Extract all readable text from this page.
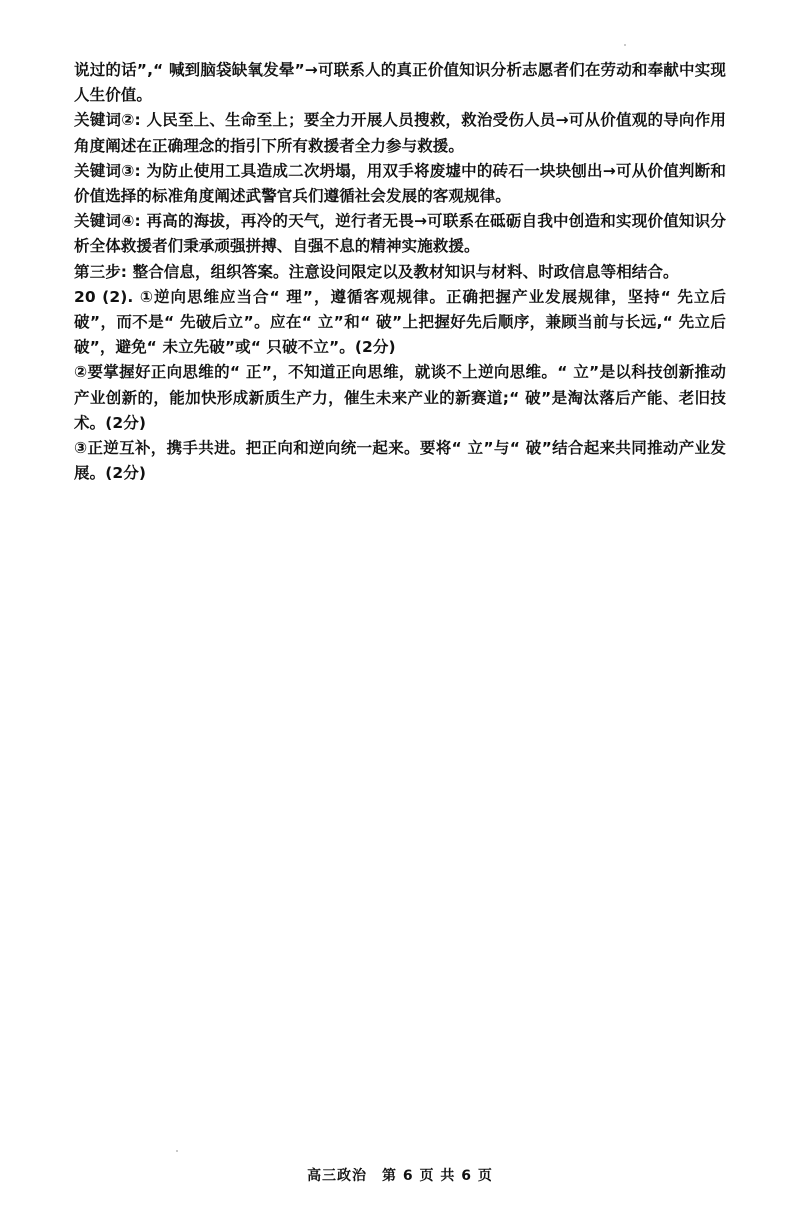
说过的话”,“ 喊到脑袋缺氧发晕”→可联系人的真正价值知识分析志愿者们在劳动和奉献中实现人生价值。

关键词②: 人民至上、生命至上；要全力开展人员搜救，救治受伤人员→可从价值观的导向作用角度阐述在正确理念的指引下所有救援者全力参与救援。

关键词③: 为防止使用工具造成二次坍塌，用双手将废墟中的砖石一块块刨出→可从价值判断和价值选择的标准角度阐述武警官兵们遵循社会发展的客观规律。

关键词④: 再高的海拔，再冷的天气，逆行者无畏→可联系在砥砺自我中创造和实现价值知识分析全体救援者们秉承顽强拼搏、自强不息的精神实施救援。

第三步: 整合信息，组织答案。注意设问限定以及教材知识与材料、时政信息等相结合。

20 (2). ①逆向思维应当合“ 理”，遵循客观规律。正确把握产业发展规律，坚持“ 先立后破”，而不是“ 先破后立”。应在“ 立”和“ 破”上把握好先后顺序，兼顾当前与长远,“ 先立后破”，避免“ 未立先破”或“ 只破不立”。(2分)

②要掌握好正向思维的“ 正”，不知道正向思维，就谈不上逆向思维。“ 立”是以科技创新推动产业创新的，能加快形成新质生产力，催生未来产业的新赛道;“ 破”是淘汰落后产能、老旧技术。(2分)

③正逆互补，携手共进。把正向和逆向统一起来。要将“ 立”与“ 破”结合起来共同推动产业发展。(2分)

高三政治　第 6 页 共 6 页
